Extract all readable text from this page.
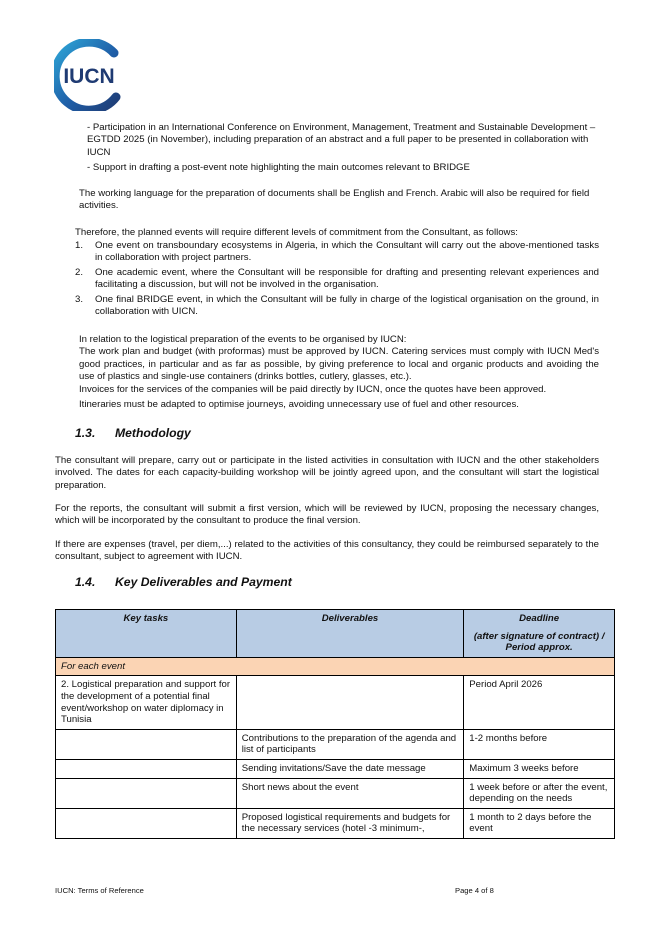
IUCN
- Participation in an International Conference on Environment, Management, Treatment and Sustainable Development – EGTDD 2025 (in November), including preparation of an abstract and a full paper to be presented in collaboration with IUCN
- Support in drafting a post-event note highlighting the main outcomes relevant to BRIDGE
The working language for the preparation of documents shall be English and French. Arabic will also be required for field activities.
Therefore, the planned events will require different levels of commitment from the Consultant, as follows:
1. One event on transboundary ecosystems in Algeria, in which the Consultant will carry out the above-mentioned tasks in collaboration with project partners.
2. One academic event, where the Consultant will be responsible for drafting and presenting relevant experiences and facilitating a discussion, but will not be involved in the organisation.
3. One final BRIDGE event, in which the Consultant will be fully in charge of the logistical organisation on the ground, in collaboration with UICN.
In relation to the logistical preparation of the events to be organised by IUCN:
The work plan and budget (with proformas) must be approved by IUCN. Catering services must comply with IUCN Med's good practices, in particular and as far as possible, by giving preference to local and organic products and avoiding the use of plastics and single-use containers (drinks bottles, cutlery, glasses, etc.).
Invoices for the services of the companies will be paid directly by IUCN, once the quotes have been approved.
Itineraries must be adapted to optimise journeys, avoiding unnecessary use of fuel and other resources.
1.3. Methodology
The consultant will prepare, carry out or participate in the listed activities in consultation with IUCN and the other stakeholders involved. The dates for each capacity-building workshop will be jointly agreed upon, and the consultant will start the logistical preparation.
For the reports, the consultant will submit a first version, which will be reviewed by IUCN, proposing the necessary changes, which will be incorporated by the consultant to produce the final version.
If there are expenses (travel, per diem,...) related to the activities of this consultancy, they could be reimbursed separately to the consultant, subject to agreement with IUCN.
1.4. Key Deliverables and Payment
Key tasks	Deliverables	Deadline
(after signature of contract) / Period approx.

For each event		
2. Logistical preparation and support for the development of a potential final event/workshop on water diplomacy in Tunisia		Period April 2026
	Contributions to the preparation of the agenda and list of participants	1-2 months before
	Sending invitations/Save the date message	Maximum 3 weeks before
	Short news about the event	1 week before or after the event, depending on the needs
	Proposed logistical requirements and budgets for the necessary services (hotel -3 minimum-,	1 month to 2 days before the event
IUCN: Terms of Reference	Page 4 of 8
